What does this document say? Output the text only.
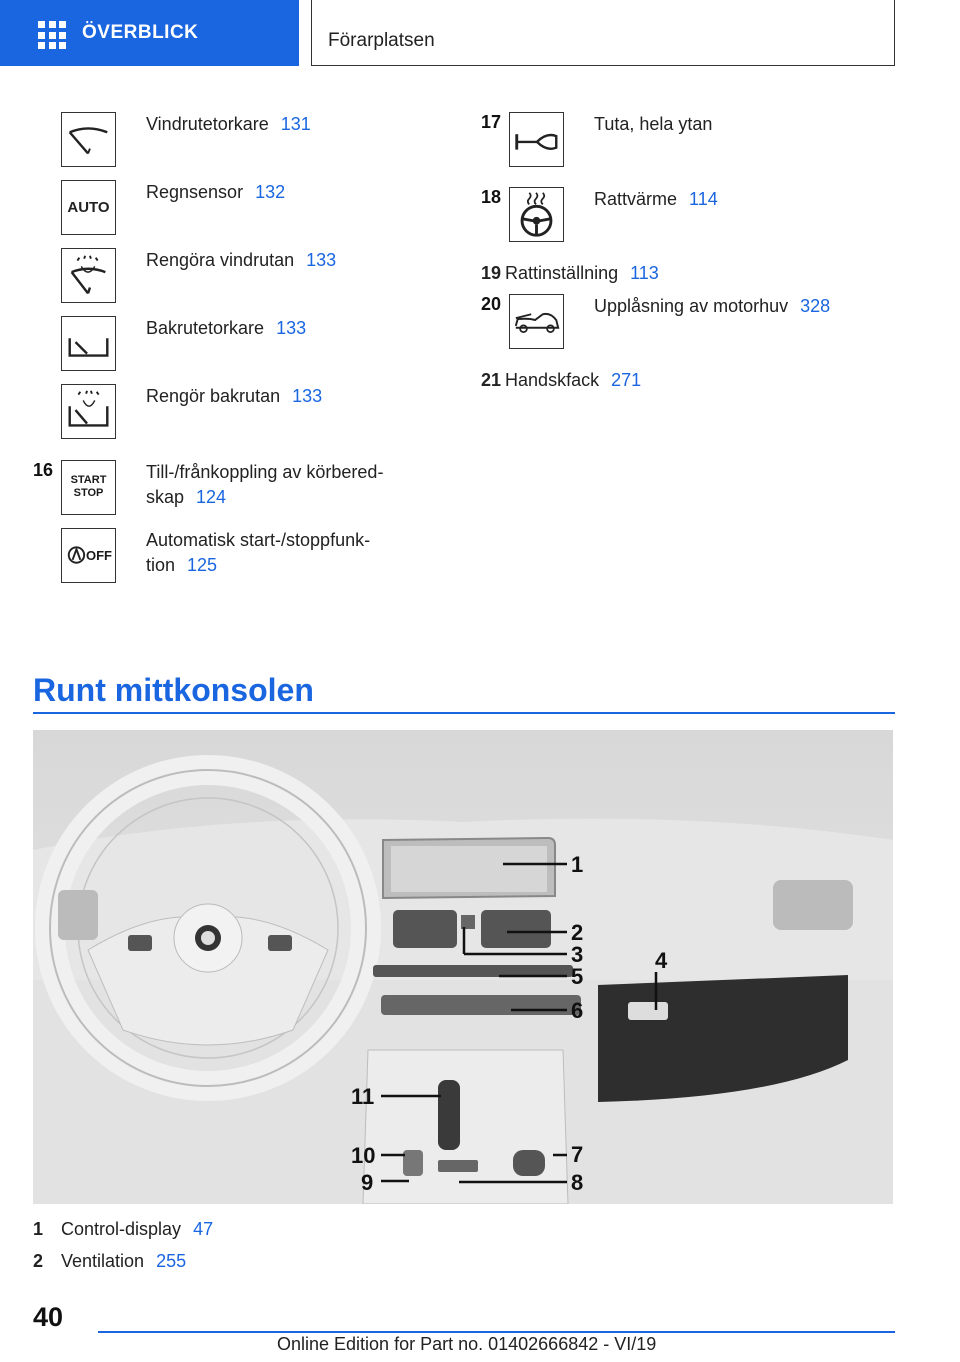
ÖVERBLICK	Förarplatsen
Vindrutetorkare 131
AUTO
Regnsensor 132
Rengöra vindrutan 133
Bakrutetorkare 133
Rengör bakrutan 133
16	START
STOP
Till-/frånkoppling av körbered-
skap 124
OFF
Automatisk start-/stoppfunk-
tion 125
17	Tuta, hela ytan
18	Rattvärme 114
19 Rattinställning 113
20	Upplåsning av motorhuv 328
21 Handskfack 271
Runt mittkonsolen
1
2
3	4
5
6
7
8
9
10
11
1 Control-display 47
2 Ventilation 255
40
Online Edition for Part no. 01402666842 - VI/19
